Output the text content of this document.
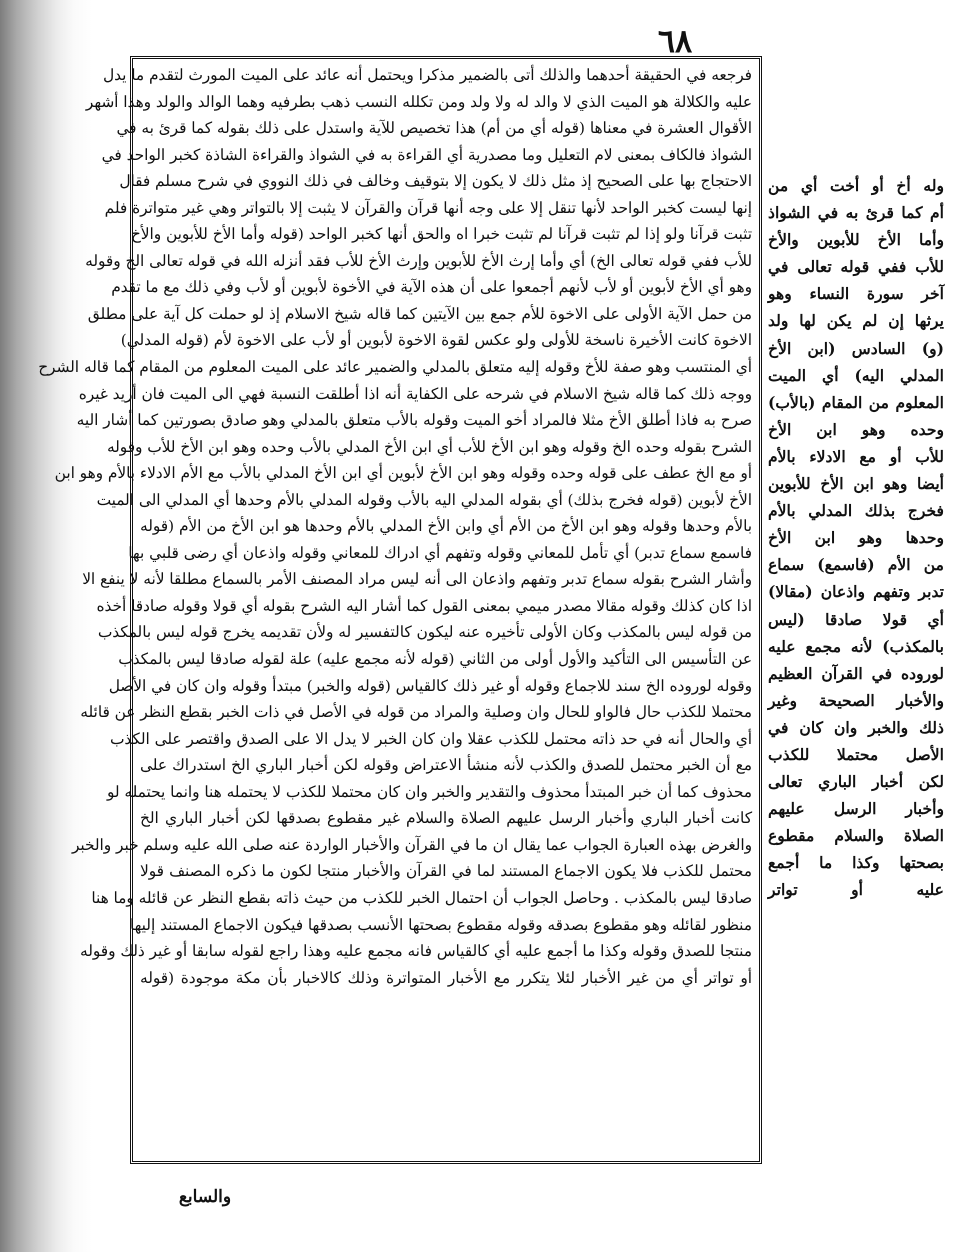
٦٨
فرجعه في الحقيقة أحدهما والذلك أتى بالضمير مذكرا ويحتمل أنه عائد على الميت المورث لتقدم ما يدل
عليه والكلالة هو الميت الذي لا والد له ولا ولد ومن تكلله النسب ذهب بطرفيه وهما الوالد والولد وهذا أشهر
الأقوال العشرة في معناها (قوله أي من أم) هذا تخصيص للآية واستدل على ذلك بقوله كما قرئ به في
الشواذ فالكاف بمعنى لام التعليل وما مصدرية أي القراءة به في الشواذ والقراءة الشاذة كخبر الواحد في
الاحتجاج بها على الصحيح إذ مثل ذلك لا يكون إلا بتوقيف وخالف في ذلك النووي في شرح مسلم فقال
إنها ليست كخبر الواحد لأنها تنقل إلا على وجه أنها قرآن والقرآن لا يثبت إلا بالتواتر وهي غير متواترة فلم
تثبت قرآنا ولو إذا لم تثبت قرآنا لم تثبت خبرا اه والحق أنها كخبر الواحد (قوله وأما الأخ للأبوين والأخ
للأب ففي قوله تعالى الخ) أي وأما إرث الأخ للأبوين وإرث الأخ للأب فقد أنزله الله في قوله تعالى الخ وقوله
وهو أي الأخ لأبوين أو لأب لأنهم أجمعوا على أن هذه الآية في الأخوة لأبوين أو لأب وفي ذلك مع ما تقدم
من حمل الآية الأولى على الاخوة للأم جمع بين الآيتين كما قاله شيخ الاسلام إذ لو حملت كل آية على مطلق
الاخوة كانت الأخيرة ناسخة للأولى ولو عكس لقوة الاخوة لأبوين أو لأب على الاخوة لأم (قوله المدلي)
أي المنتسب وهو صفة للأخ وقوله إليه متعلق بالمدلي والضمير عائد على الميت المعلوم من المقام كما قاله الشرح
ووجه ذلك كما قاله شيخ الاسلام في شرحه على الكفاية أنه اذا أطلقت النسبة فهي الى الميت فان أريد غيره
صرح به فاذا أطلق الأخ مثلا فالمراد أخو الميت وقوله بالأب متعلق بالمدلي وهو صادق بصورتين كما أشار اليه
الشرح بقوله وحده الخ وقوله وهو ابن الأخ للأب أي ابن الأخ المدلي بالأب وحده وهو ابن الأخ للأب وقوله
أو مع الخ عطف على قوله وحده وقوله وهو ابن الأخ لأبوين أي ابن الأخ المدلي بالأب مع الأم الادلاء بالأم وهو ابن
الأخ لأبوين (قوله فخرج بذلك) أي بقوله المدلي اليه بالأب وقوله المدلي بالأم وحدها أي المدلي الى الميت
بالأم وحدها وقوله وهو ابن الأخ من الأم أي وابن الأخ المدلي بالأم وحدها هو ابن الأخ من الأم (قوله
فاسمع سماع تدبر) أي تأمل للمعاني وقوله وتفهم أي ادراك للمعاني وقوله واذعان أي رضى قلبي بها
وأشار الشرح بقوله سماع تدبر وتفهم واذعان الى أنه ليس مراد المصنف الأمر بالسماع مطلقا لأنه لا ينفع الا
اذا كان كذلك وقوله مقالا مصدر ميمي بمعنى القول كما أشار اليه الشرح بقوله أي قولا وقوله صادقا أخذه
من قوله ليس بالمكذب وكان الأولى تأخيره عنه ليكون كالتفسير له ولأن تقديمه يخرج قوله ليس بالمكذب
عن التأسيس الى التأكيد والأول أولى من الثاني (قوله لأنه مجمع عليه) علة لقوله صادقا ليس بالمكذب
وقوله لوروده الخ سند للاجماع وقوله أو غير ذلك كالقياس (قوله والخبر) مبتدأ وقوله وان كان في الأصل
محتملا للكذب حال فالواو للحال وان وصلية والمراد من قوله في الأصل في ذات الخبر بقطع النظر عن قائله
أي والحال أنه في حد ذاته محتمل للكذب عقلا وان كان الخبر لا يدل الا على الصدق واقتصر على الكذب
مع أن الخبر محتمل للصدق والكذب لأنه منشأ الاعتراض وقوله لكن أخبار الباري الخ استدراك على
محذوف كما أن خبر المبتدأ محذوف والتقدير والخبر وان كان محتملا للكذب لا يحتمله هنا وانما يحتمله لو
كانت أخبار الباري وأخبار الرسل عليهم الصلاة والسلام غير مقطوع بصدقها لكن أخبار الباري الخ
والغرض بهذه العبارة الجواب عما يقال ان ما في القرآن والأخبار الواردة عنه صلى الله عليه وسلم خبر والخبر
محتمل للكذب فلا يكون الاجماع المستند لما في القرآن والأخبار منتجا لكون ما ذكره المصنف قولا
صادقا ليس بالمكذب . وحاصل الجواب أن احتمال الخبر للكذب من حيث ذاته بقطع النظر عن قائله وما هنا
منظور لقائله وهو مقطوع بصدقه وقوله مقطوع بصحتها الأنسب بصدقها فيكون الاجماع المستند إليها
منتجا للصدق وقوله وكذا ما أجمع عليه أي كالقياس فانه مجمع عليه وهذا راجع لقوله سابقا أو غير ذلك وقوله
أو تواتر أي من غير الأخبار لئلا يتكرر مع الأخبار المتواترة وذلك كالاخبار بأن مكة موجودة (قوله
وله أخ أو أخت أي من
أم كما قرئ به في الشواذ
وأما الأخ للأبوين والأخ
للأب ففي قوله تعالى في
آخر سورة النساء وهو
يرثها إن لم يكن لها ولد
(و) السادس (ابن الأخ
المدلي اليه) أي الميت
المعلوم من المقام (بالأب)
وحده وهو ابن الأخ
للأب أو مع الادلاء بالأم
أيضا وهو ابن الأخ للأبوين
فخرج بذلك المدلي بالأم
وحدها وهو ابن الأخ
من الأم (فاسمع) سماع
تدبر وتفهم واذعان (مقالا)
أي قولا صادقا (ليس
بالمكذب) لأنه مجمع عليه
لوروده في القرآن العظيم
والأخبار الصحيحة وغير
ذلك والخبر وان كان في
الأصل محتملا للكذب
لكن أخبار الباري تعالى
وأخبار الرسل عليهم
الصلاة والسلام مقطوع
بصحتها وكذا ما أجمع
عليه أو تواتر
والسابع
